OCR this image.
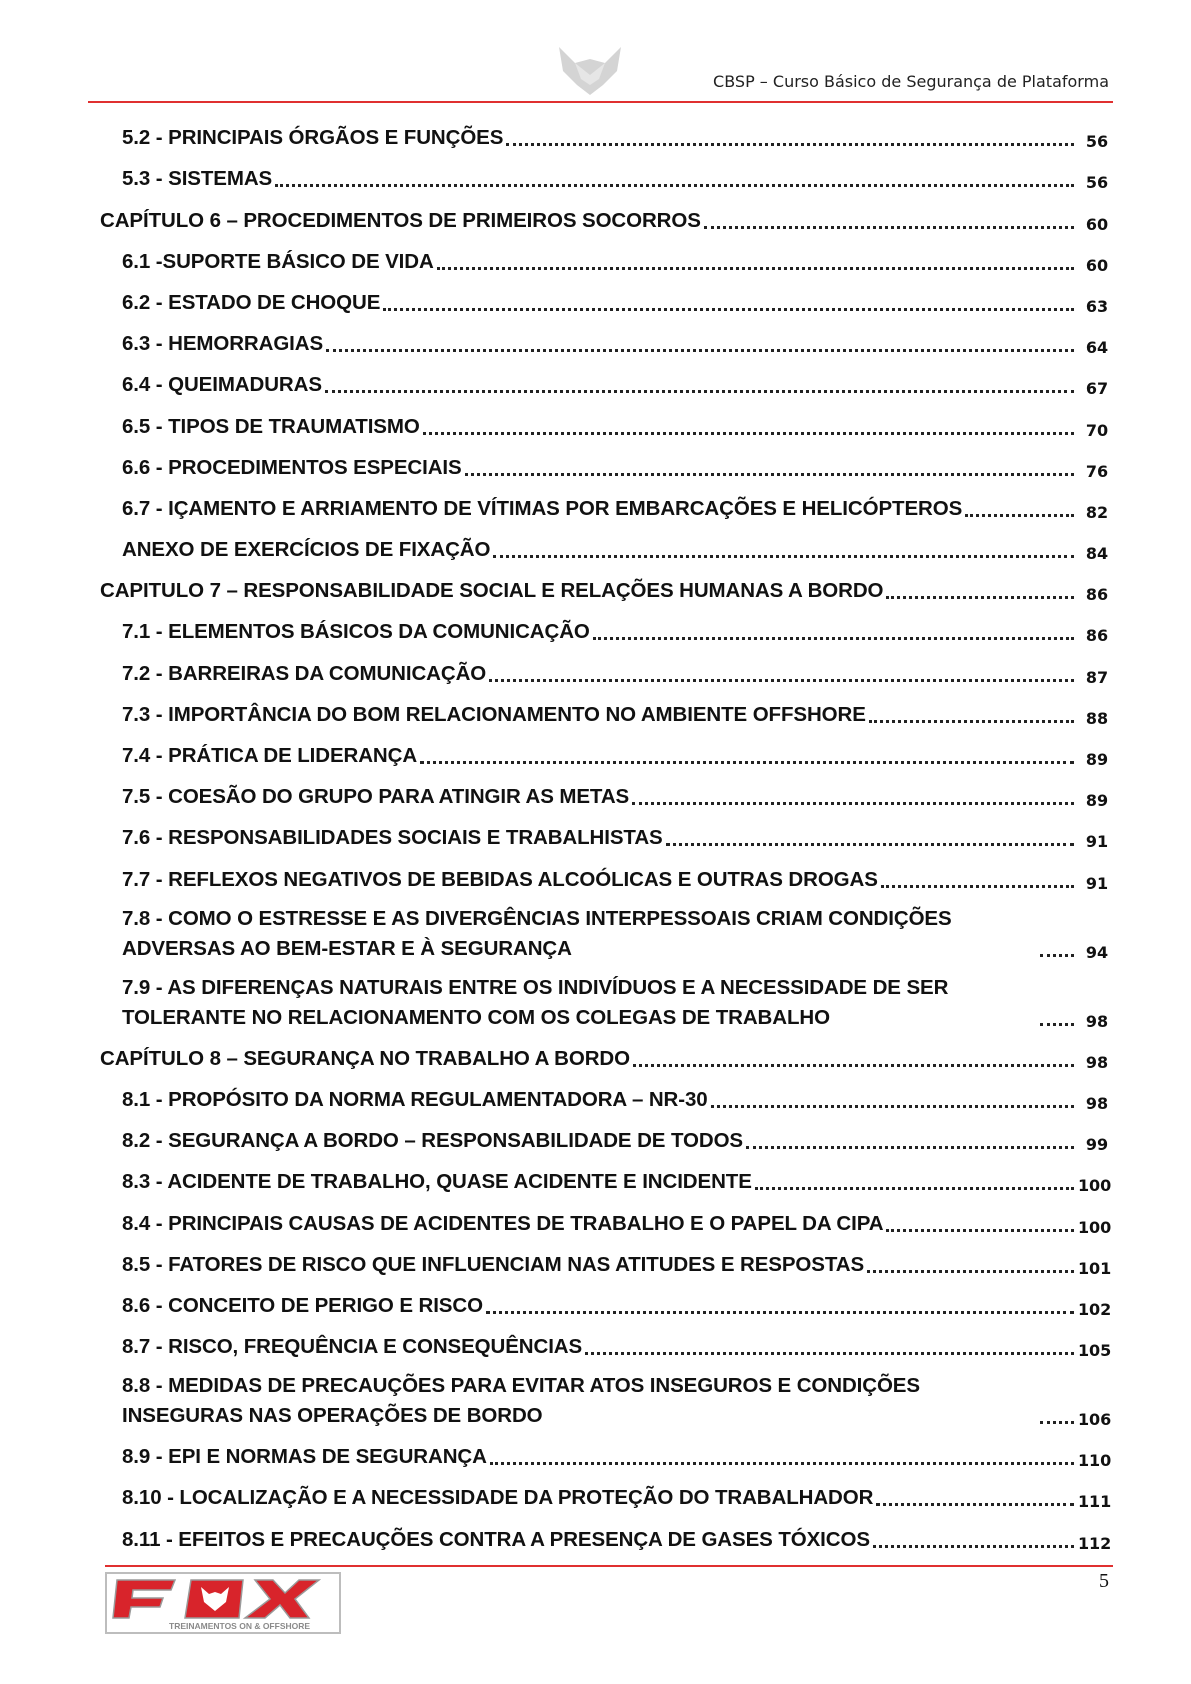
CBSP – Curso Básico de Segurança de Plataforma
5.2 - PRINCIPAIS ÓRGÃOS E FUNÇÕES	56
5.3 - SISTEMAS	56
CAPÍTULO 6 – PROCEDIMENTOS DE PRIMEIROS SOCORROS	60
6.1 -SUPORTE BÁSICO DE VIDA	60
6.2 - ESTADO DE CHOQUE	63
6.3 - HEMORRAGIAS	64
6.4 - QUEIMADURAS	67
6.5 - TIPOS DE TRAUMATISMO	70
6.6 - PROCEDIMENTOS ESPECIAIS	76
6.7 - IÇAMENTO E ARRIAMENTO DE VÍTIMAS POR EMBARCAÇÕES E HELICÓPTEROS	82
ANEXO DE EXERCÍCIOS DE FIXAÇÃO	84
CAPITULO 7 – RESPONSABILIDADE SOCIAL E RELAÇÕES HUMANAS A BORDO	86
7.1 - ELEMENTOS BÁSICOS DA COMUNICAÇÃO	86
7.2 - BARREIRAS DA COMUNICAÇÃO	87
7.3 - IMPORTÂNCIA DO BOM RELACIONAMENTO NO AMBIENTE OFFSHORE	88
7.4 - PRÁTICA DE LIDERANÇA	89
7.5 - COESÃO DO GRUPO PARA ATINGIR AS METAS	89
7.6 - RESPONSABILIDADES SOCIAIS E TRABALHISTAS	91
7.7 - REFLEXOS NEGATIVOS DE BEBIDAS ALCOÓLICAS E OUTRAS DROGAS	91
7.8 - COMO O ESTRESSE E AS DIVERGÊNCIAS INTERPESSOAIS CRIAM CONDIÇÕES ADVERSAS AO BEM-ESTAR E À SEGURANÇA	94
7.9 - AS DIFERENÇAS NATURAIS ENTRE OS INDIVÍDUOS E A NECESSIDADE DE SER TOLERANTE NO RELACIONAMENTO COM OS COLEGAS DE TRABALHO	98
CAPÍTULO 8 – SEGURANÇA NO TRABALHO A BORDO	98
8.1 - PROPÓSITO DA NORMA REGULAMENTADORA – NR-30	98
8.2 - SEGURANÇA A BORDO – RESPONSABILIDADE DE TODOS	99
8.3 - ACIDENTE DE TRABALHO, QUASE ACIDENTE E INCIDENTE	100
8.4 - PRINCIPAIS CAUSAS DE ACIDENTES DE TRABALHO E O PAPEL DA CIPA	100
8.5 - FATORES DE RISCO QUE INFLUENCIAM NAS ATITUDES E RESPOSTAS	101
8.6 - CONCEITO DE PERIGO E RISCO	102
8.7 - RISCO, FREQUÊNCIA E CONSEQUÊNCIAS	105
8.8 - MEDIDAS DE PRECAUÇÕES PARA EVITAR ATOS INSEGUROS E CONDIÇÕES INSEGURAS NAS OPERAÇÕES DE BORDO	106
8.9 - EPI E NORMAS DE SEGURANÇA	110
8.10 - LOCALIZAÇÃO E A NECESSIDADE DA PROTEÇÃO DO TRABALHADOR	111
8.11 - EFEITOS E PRECAUÇÕES CONTRA A PRESENÇA DE GASES TÓXICOS	112
5
TREINAMENTOS ON & OFFSHORE
